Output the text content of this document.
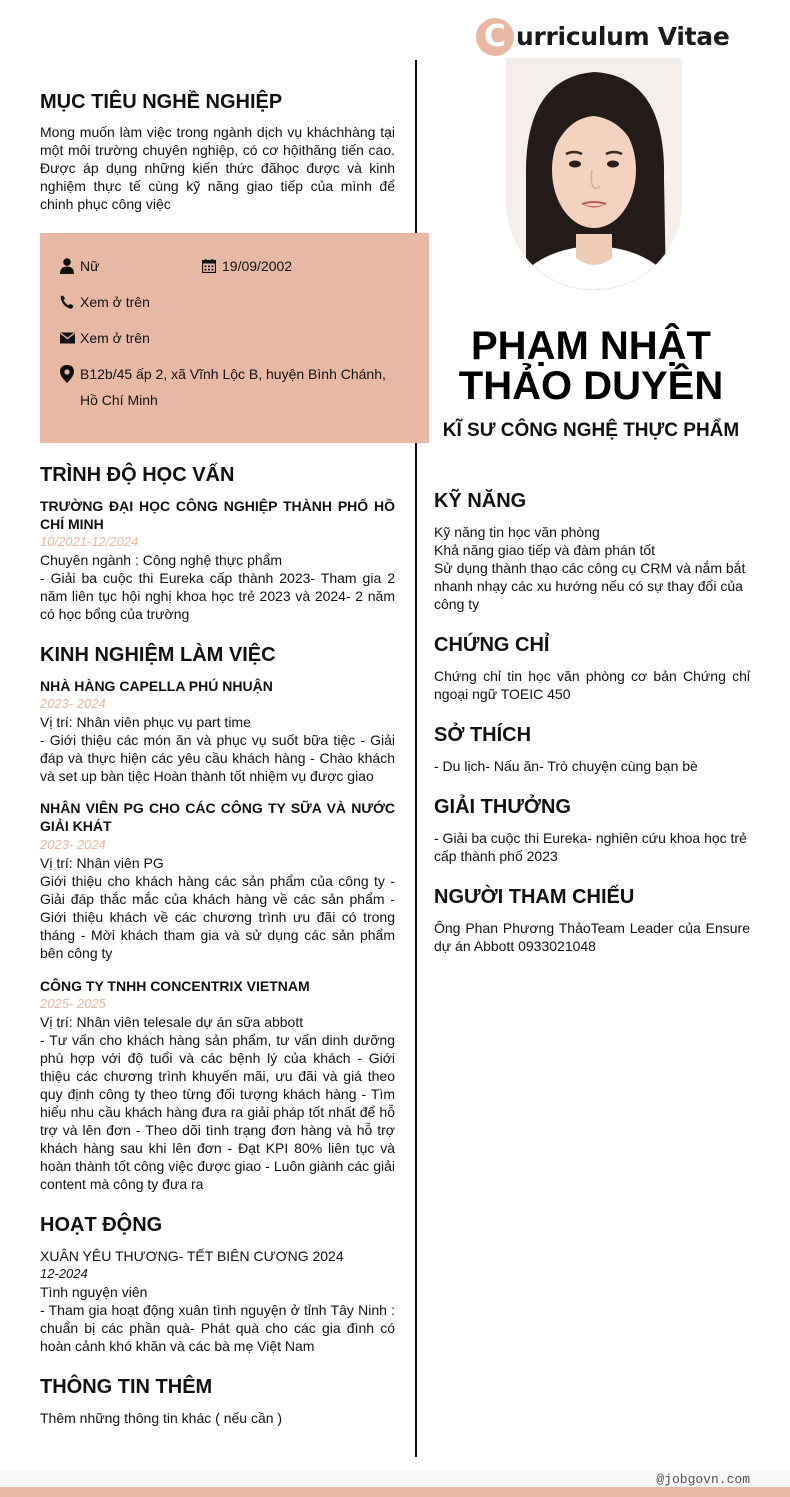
C urriculum Vitae
MỤC TIÊU NGHỀ NGHIỆP
Mong muốn làm việc trong ngành dịch vụ kháchhàng tại một môi trường chuyên nghiệp, có cơ hộithăng tiến cao. Được áp dụng những kiến thức đãhọc được và kinh nghiệm thực tế cùng kỹ năng giao tiếp của mình để chinh phục công việc
Nữ	19/09/2002
Xem ở trên
Xem ở trên
B12b/45 ấp 2, xã Vĩnh Lộc B, huyện Bình Chánh,
Hồ Chí Minh
PHẠM NHẬT
THẢO DUYÊN
KĨ SƯ CÔNG NGHỆ THỰC PHẨM
TRÌNH ĐỘ HỌC VẤN
TRƯỜNG ĐẠI HỌC CÔNG NGHIỆP THÀNH PHỐ HỒ CHÍ MINH
10/2021-12/2024
Chuyên ngành : Công nghệ thực phẩm
- Giải ba cuộc thi Eureka cấp thành 2023- Tham gia 2 năm liên tục hội nghị khoa học trẻ 2023 và 2024- 2 năm có học bổng của trường
KINH NGHIỆM LÀM VIỆC
NHÀ HÀNG CAPELLA PHÚ NHUẬN
2023- 2024
Vị trí: Nhân viên phục vụ part time
- Giới thiệu các món ăn và phục vụ suốt bữa tiệc - Giải đáp và thực hiện các yêu cầu khách hàng - Chào khách và set up bàn tiệc Hoàn thành tốt nhiệm vụ được giao
NHÂN VIÊN PG CHO CÁC CÔNG TY SỮA VÀ NƯỚC GIẢI KHÁT
2023- 2024
Vị trí: Nhân viên PG
Giới thiệu cho khách hàng các sản phẩm của công ty - Giải đáp thắc mắc của khách hàng về các sản phẩm - Giới thiệu khách về các chương trình ưu đãi có trong tháng - Mời khách tham gia và sử dụng các sản phẩm bên công ty
CÔNG TY TNHH CONCENTRIX VIETNAM
2025- 2025
Vị trí: Nhân viên telesale dự án sữa abbott
- Tư vấn cho khách hàng sản phẩm, tư vấn dinh dưỡng phù hợp với độ tuổi và các bệnh lý của khách - Giới thiệu các chương trình khuyến mãi, ưu đãi và giá theo quy định công ty theo từng đối tượng khách hàng - Tìm hiểu nhu cầu khách hàng đưa ra giải pháp tốt nhất để hỗ trợ và lên đơn - Theo dõi tình trạng đơn hàng và hỗ trợ khách hàng sau khi lên đơn - Đạt KPI 80% liên tục và hoàn thành tốt công việc được giao - Luôn giành các giải content mà công ty đưa ra
HOẠT ĐỘNG
XUÂN YÊU THƯƠNG- TẾT BIÊN CƯƠNG 2024
12-2024
Tình nguyện viên
- Tham gia hoạt động xuân tình nguyện ở tỉnh Tây Ninh : chuẩn bị các phần quà- Phát quà cho các gia đình có hoàn cảnh khó khăn và các bà mẹ Việt Nam
THÔNG TIN THÊM
Thêm những thông tin khác ( nếu cần )
KỸ NĂNG
Kỹ năng tin học văn phòng
Khả năng giao tiếp và đàm phán tốt
Sử dụng thành thạo các công cụ CRM và nắm bắt nhanh nhạy các xu hướng nếu có sự thay đổi của công ty
CHỨNG CHỈ
Chứng chỉ tin học văn phòng cơ bản Chứng chỉ ngoại ngữ TOEIC 450
SỞ THÍCH
- Du lịch- Nấu ăn- Trò chuyện cùng bạn bè
GIẢI THƯỞNG
- Giải ba cuộc thi Eureka- nghiên cứu khoa học trẻ cấp thành phố 2023
NGƯỜI THAM CHIẾU
Ông Phan Phương ThảoTeam Leader của Ensure dự án Abbott 0933021048
@jobgovn.com
